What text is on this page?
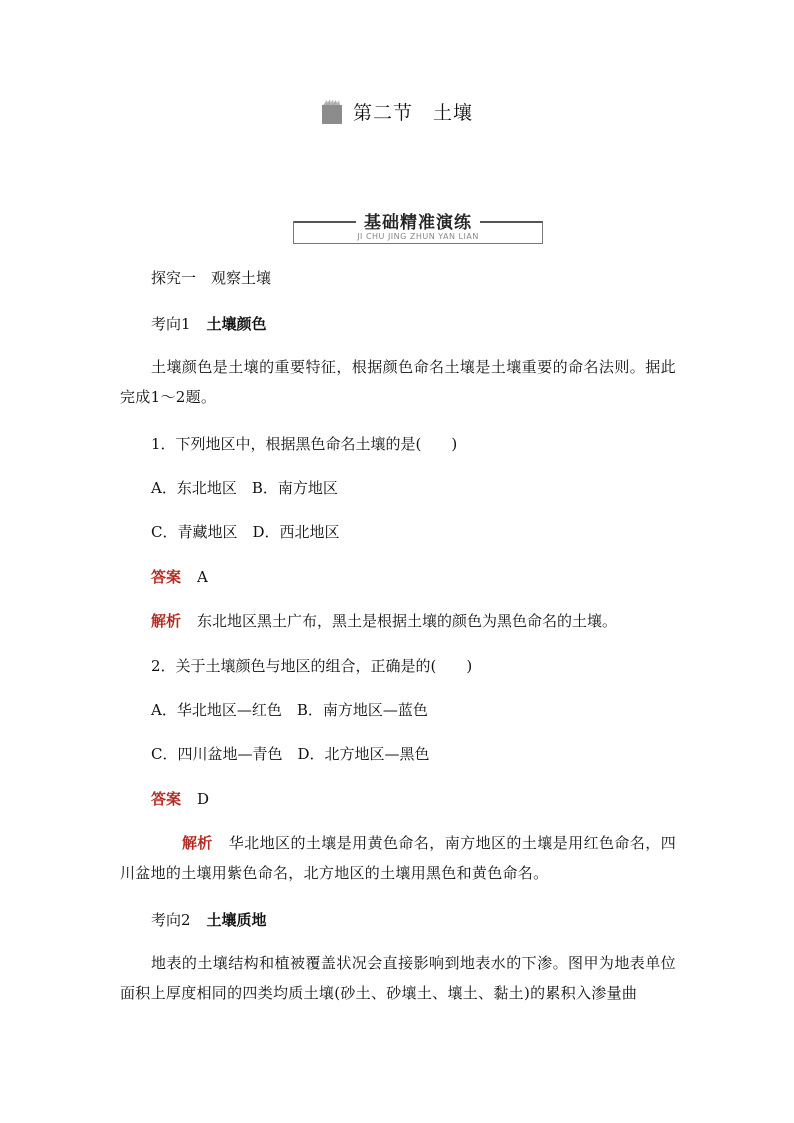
第二节 土壤
基础精准演练
JI CHU JING ZHUN YAN LIAN
探究一　观察土壤
考向1 土壤颜色
土壤颜色是土壤的重要特征，根据颜色命名土壤是土壤重要的命名法则。据此完成1～2题。
1．下列地区中，根据黑色命名土壤的是(　　)
A．东北地区　B．南方地区
C．青藏地区　D．西北地区
答案 A
解析 东北地区黑土广布，黑土是根据土壤的颜色为黑色命名的土壤。
2．关于土壤颜色与地区的组合，正确是的(　　)
A．华北地区—红色　B．南方地区—蓝色
C．四川盆地—青色　D．北方地区—黑色
答案 D
解析 华北地区的土壤是用黄色命名，南方地区的土壤是用红色命名，四川盆地的土壤用紫色命名，北方地区的土壤用黑色和黄色命名。
考向2 土壤质地
地表的土壤结构和植被覆盖状况会直接影响到地表水的下渗。图甲为地表单位面积上厚度相同的四类均质土壤(砂土、砂壤土、壤土、黏土)的累积入渗量曲
